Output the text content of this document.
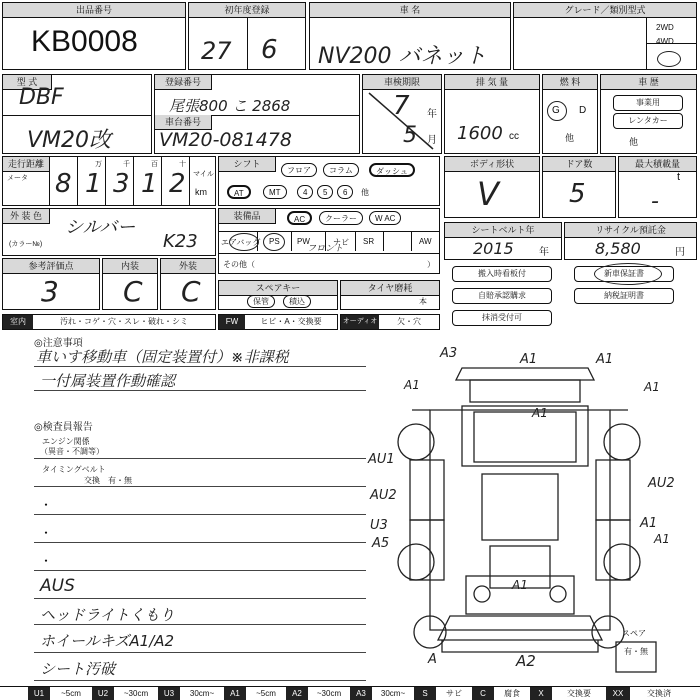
出品番号
KB0008
初年度登録
27 6
車 名
NV200 バネット
グレード／類別型式
2WD
4WD
型 式
DBF
VM20改
登録番号
尾張800 こ 2868
車台番号
VM20-081478
車検期限
7 年
5 月
排 気 量
1600 cc
燃 料
G D
他
車 歴
事業用
レンタカー
他
走行距離
メータ
万	千	百	十
8 1 3 1 2 マイル
km
シフト
フロア	コラム	ダッシュ
AT	MT	4	5	6	他
ボディ形状
V
ドア数
5
最大積載量
t
-
外 装 色
シルバー
(カラー№)	K23
装備品	AC	クーラー	W AC
エアバッグ PS PW
フロント
ナビ SR	AW
その他（	）
シートベルト年
2015	年
リサイクル預託金
8,580	円
参考評価点
3
内装
C
外装
C	スペアキー
保管	積込
タイヤ磨耗
本
搬入時看板付
自賠承認購求
抹消受付可
新車保証書
納税証明書
室内	汚れ・コゲ・穴・スレ・破れ・シミ	FW	ヒビ・A・交換要	オーディオ	欠・穴
◎注意事項
車いす移動車（固定装置付）※非課税
一付属装置作動確認
◎検査員報告
エンジン関係
（異音・不調等）
タイミングベルト
交換　有・無
・
・
・
AUS
ヘッドライトくもり
ホイールキズA1/A2
シート汚破
A3	A1	A1
A1	A1
A1
AU1
AU2
AU2
U3
A5
A1
A1
A1
A2
A
スペア
有・無
U1	~5cm	U2	~30cm	U3	30cm~	A1	~5cm	A2	~30cm	A3	30cm~	S	サビ	C	腐食	X	交換要	XX	交換済
